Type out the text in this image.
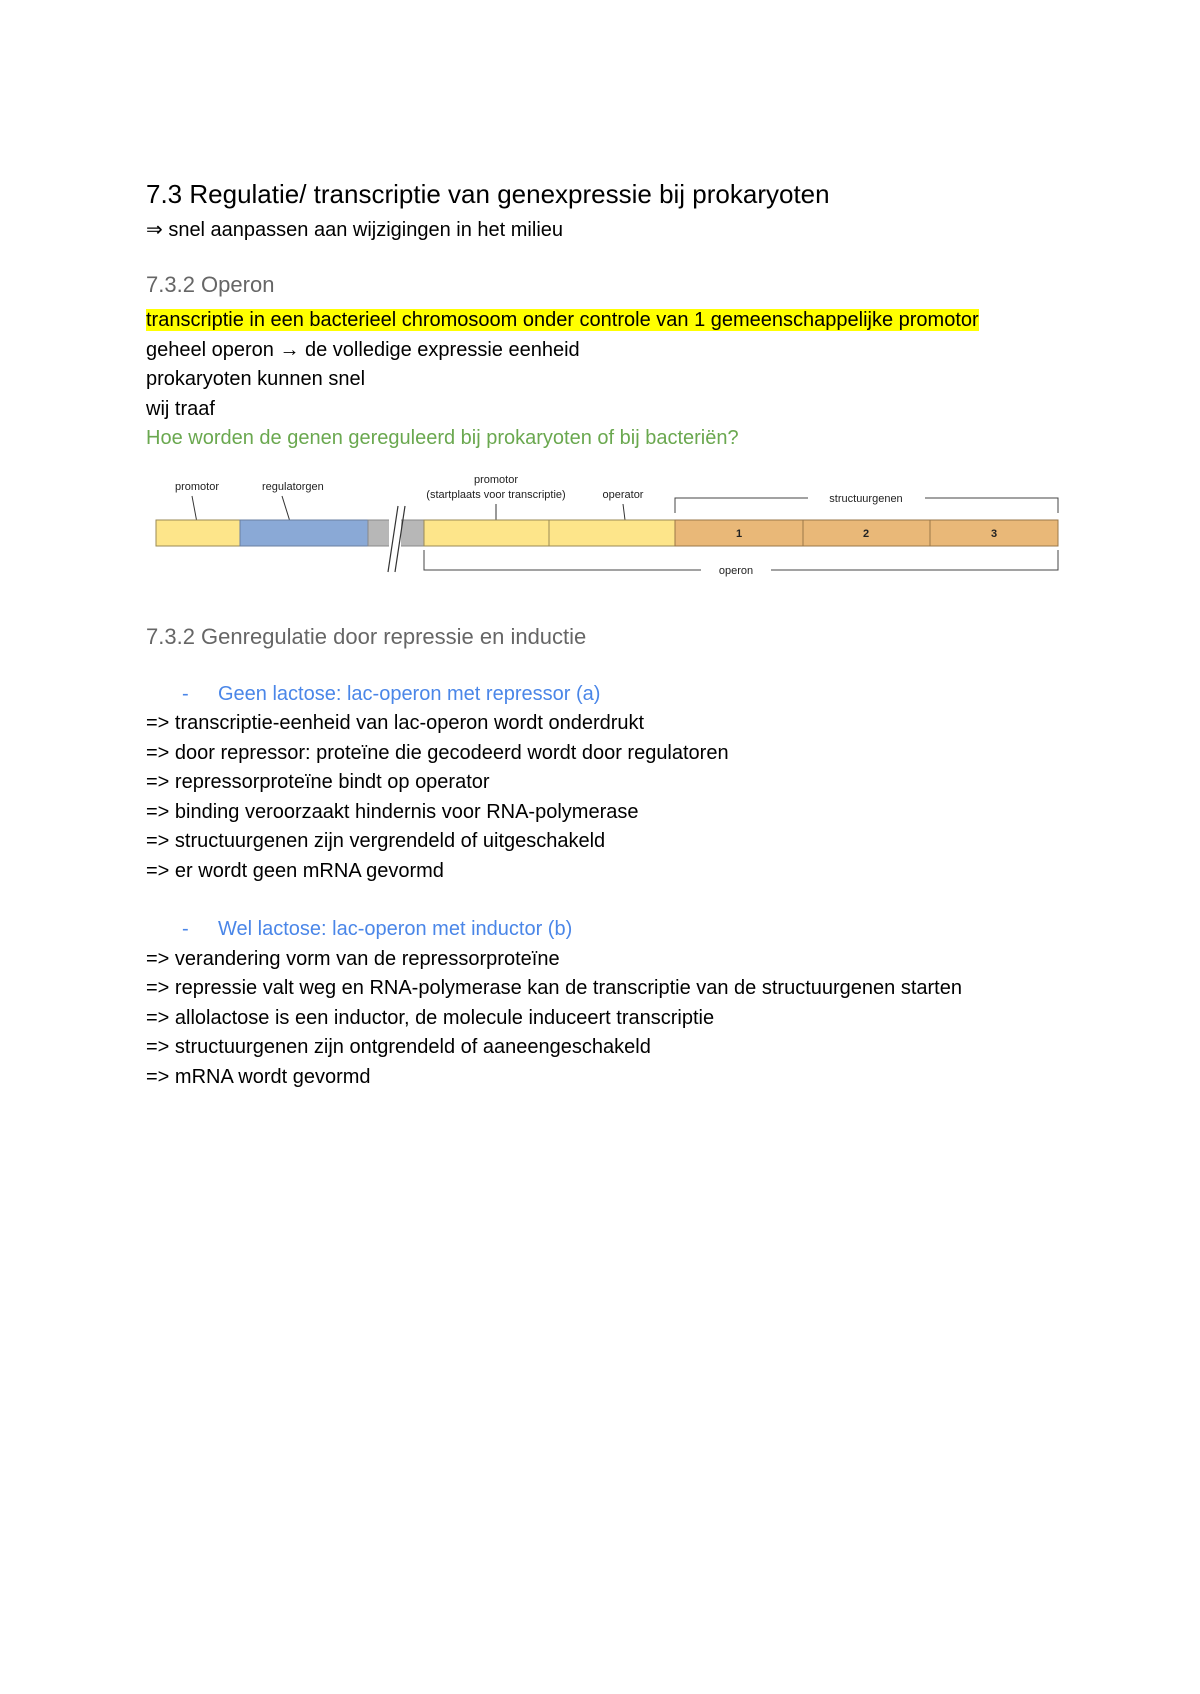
7.3 Regulatie/ transcriptie van genexpressie bij prokaryoten
⇒ snel aanpassen aan wijzigingen in het milieu
7.3.2 Operon
transcriptie in een bacterieel chromosoom onder controle van 1 gemeenschappelijke promotor
geheel operon → de volledige expressie eenheid
prokaryoten kunnen snel
wij traaf
Hoe worden de genen gereguleerd bij prokaryoten of bij bacteriën?
promotor	regulatorgen
promotor
(startplaats voor transcriptie)	operator	structuurgenen
1	2	3
operon
7.3.2 Genregulatie door repressie en inductie
- Geen lactose: lac-operon met repressor (a)
=> transcriptie-eenheid van lac-operon wordt onderdrukt
=> door repressor: proteïne die gecodeerd wordt door regulatoren
=> repressorproteïne bindt op operator
=> binding veroorzaakt hindernis voor RNA-polymerase
=> structuurgenen zijn vergrendeld of uitgeschakeld
=> er wordt geen mRNA gevormd
- Wel lactose: lac-operon met inductor (b)
=> verandering vorm van de repressorproteïne
=> repressie valt weg en RNA-polymerase kan de transcriptie van de structuurgenen starten
=> allolactose is een inductor, de molecule induceert transcriptie
=> structuurgenen zijn ontgrendeld of aaneengeschakeld
=> mRNA wordt gevormd
